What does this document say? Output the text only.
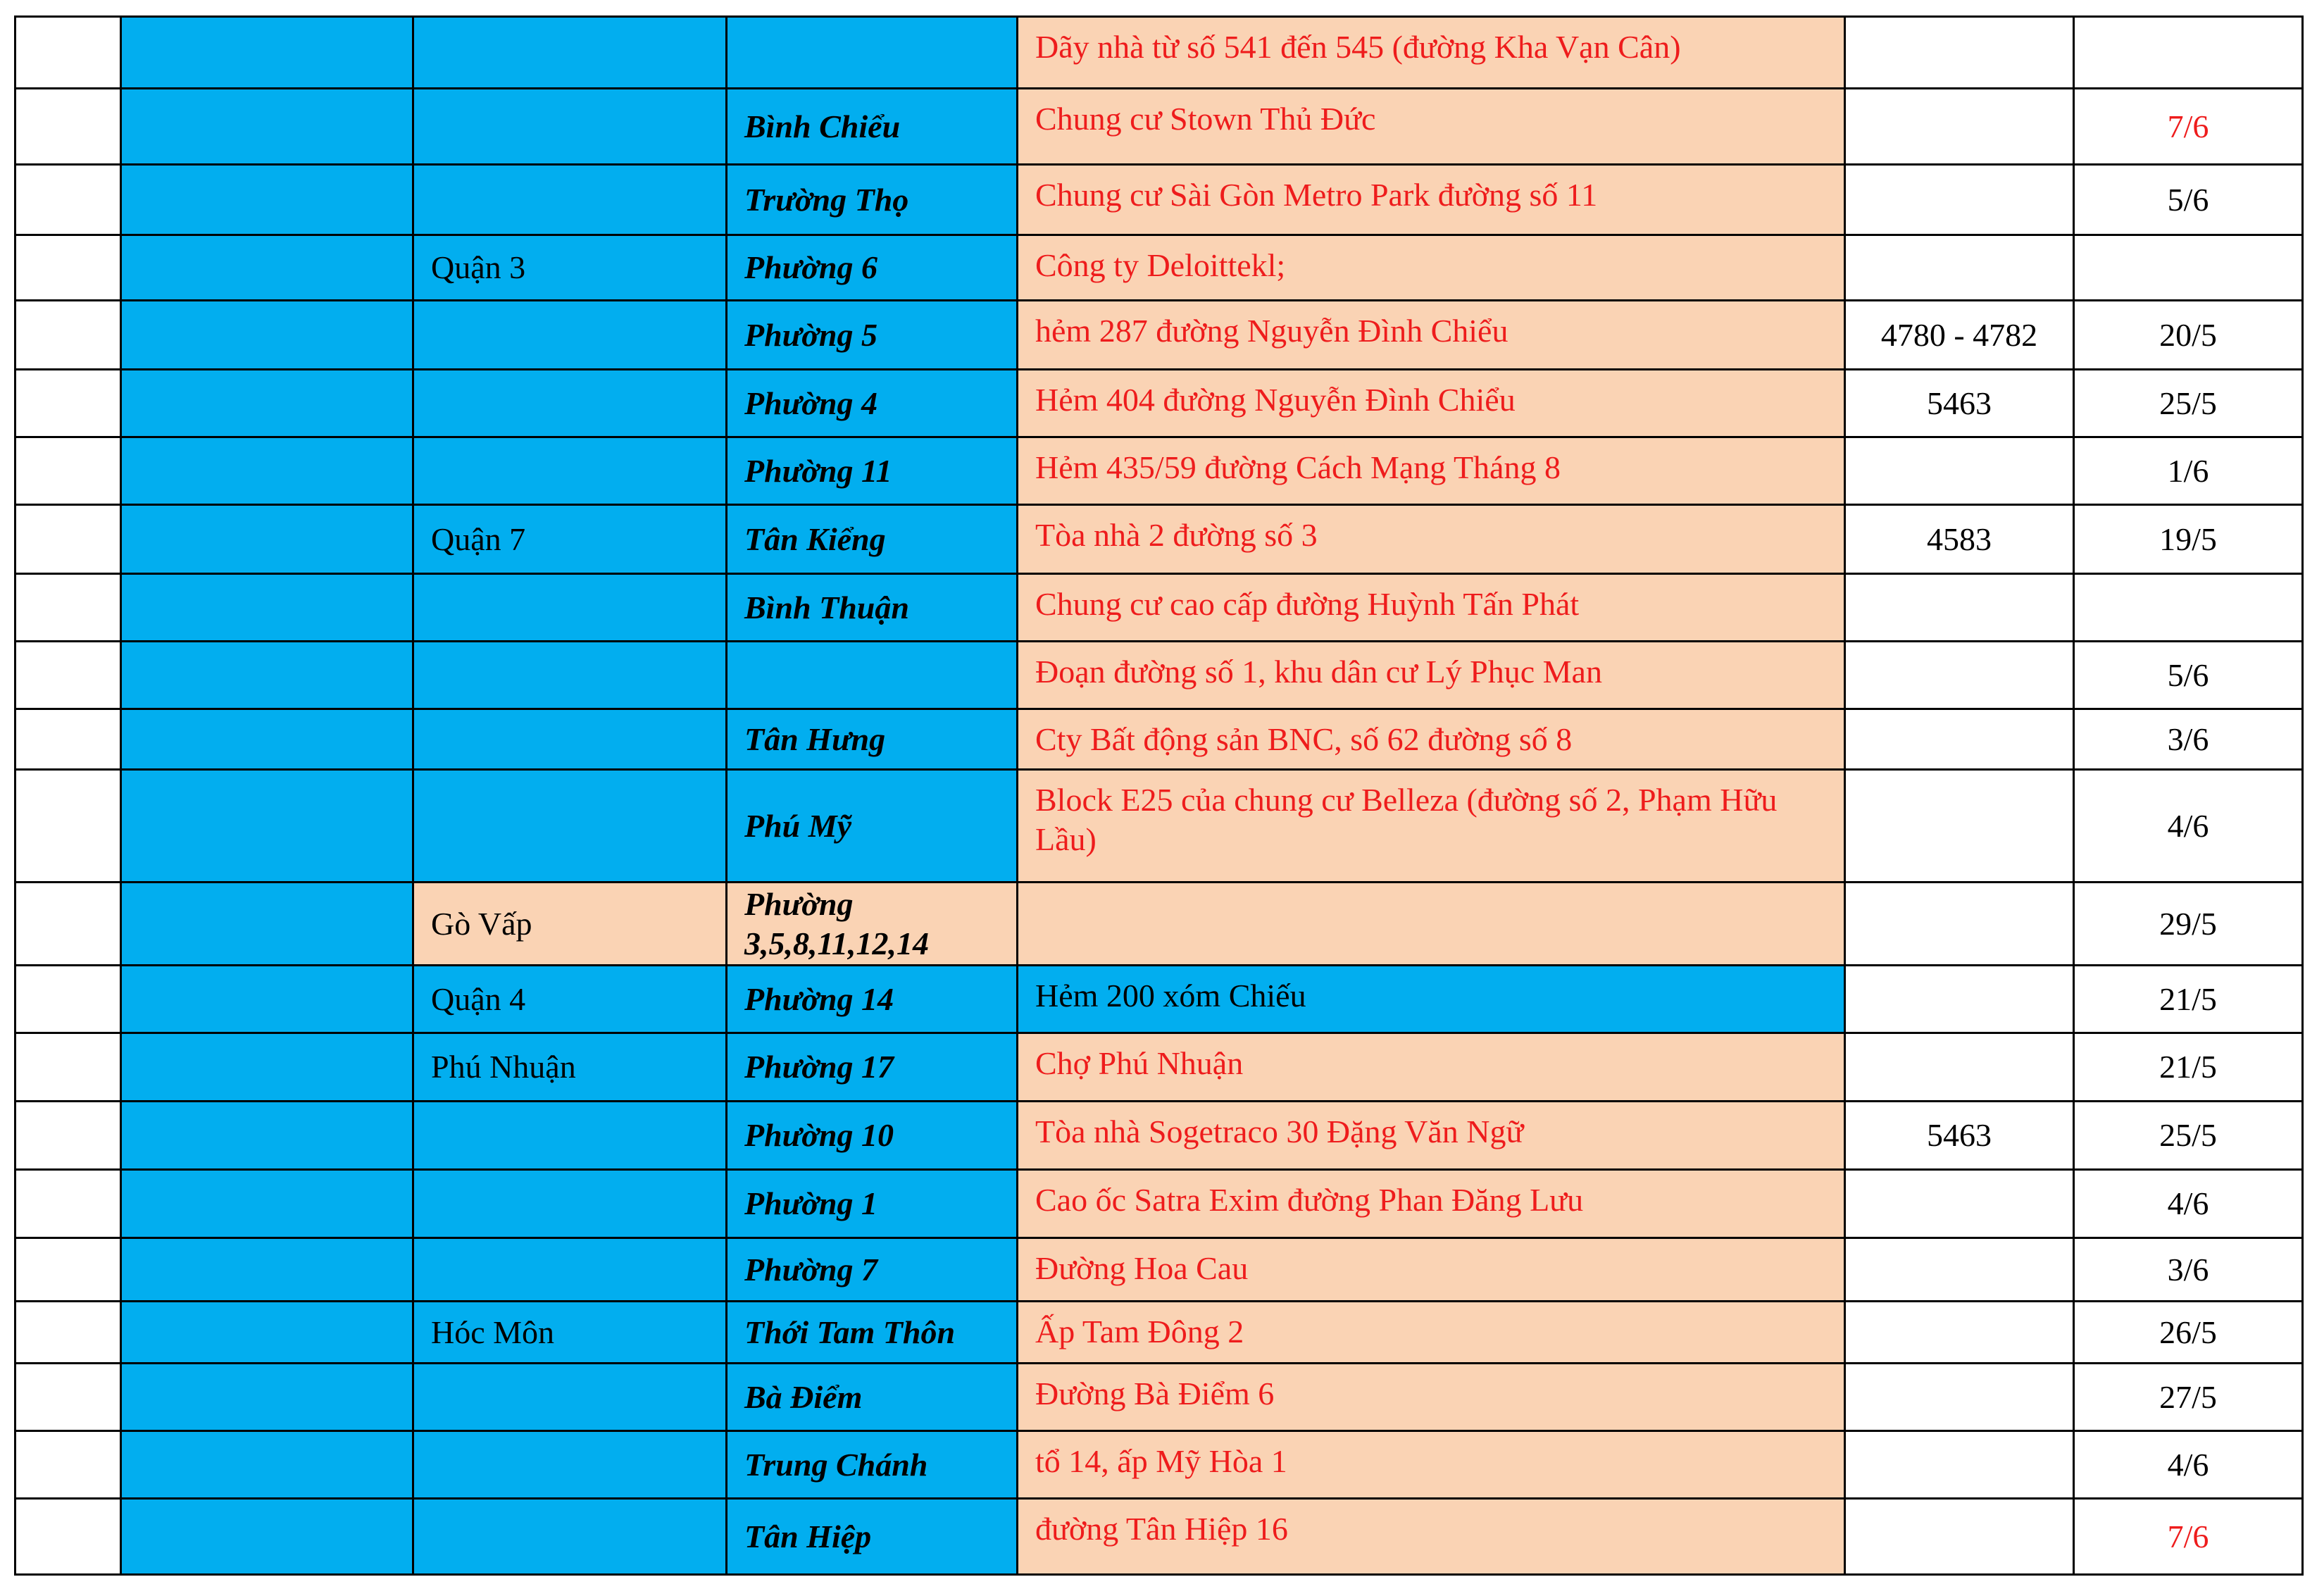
				Dãy nhà từ số 541 đến 545 (đường Kha Vạn Cân)		
			Bình Chiểu	Chung cư Stown Thủ Đức		7/6
			Trường Thọ	Chung cư Sài Gòn Metro Park đường số 11		5/6
		Quận 3	Phường 6	Công ty Deloittekl;		
			Phường 5	hẻm 287 đường Nguyễn Đình Chiểu	4780 - 4782	20/5
			Phường 4	Hẻm 404 đường Nguyễn Đình Chiểu	5463	25/5
			Phường 11	Hẻm 435/59 đường Cách Mạng Tháng 8		1/6
		Quận 7	Tân Kiểng	Tòa nhà 2 đường số 3	4583	19/5
			Bình Thuận	Chung cư cao cấp đường Huỳnh Tấn Phát		
				Đoạn đường số 1, khu dân cư Lý Phục Man		5/6
			Tân Hưng	Cty Bất động sản BNC, số 62 đường số 8		3/6
			Phú Mỹ	Block E25 của chung cư Belleza (đường số 2, Phạm Hữu Lầu)		4/6
		Gò Vấp	Phường 3,5,8,11,12,14			29/5
		Quận 4	Phường 14	Hẻm 200 xóm Chiếu		21/5
		Phú Nhuận	Phường 17	Chợ Phú Nhuận		21/5
			Phường 10	Tòa nhà Sogetraco 30 Đặng Văn Ngữ	5463	25/5
			Phường 1	Cao ốc Satra Exim đường Phan Đăng Lưu		4/6
			Phường 7	Đường Hoa Cau		3/6
		Hóc Môn	Thới Tam Thôn	Ấp Tam Đông 2		26/5
			Bà Điểm	Đường Bà Điểm 6		27/5
			Trung Chánh	tổ 14, ấp Mỹ Hòa 1		4/6
			Tân Hiệp	đường Tân Hiệp 16		7/6
